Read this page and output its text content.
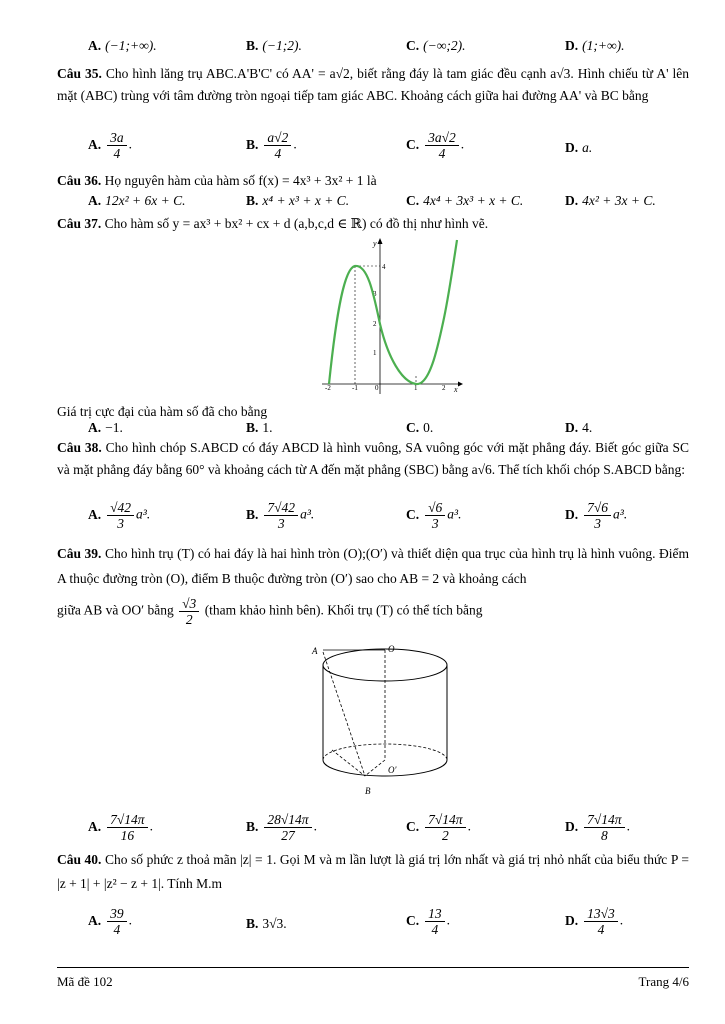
A. (−1;+∞).	B. (−1;2).	C. (−∞;2).	D. (1;+∞).
Câu 35. Cho hình lăng trụ ABC.A'B'C' có AA' = a√2, biết rằng đáy là tam giác đều cạnh a√3. Hình chiếu từ A' lên mặt (ABC) trùng với tâm đường tròn ngoại tiếp tam giác ABC. Khoảng cách giữa hai đường AA' và BC bằng
A. $\frac{3a}{4}$ .	B. $\frac{a√2}{4}$ .	C. $\frac{3a√2}{4}$ .	D. a.
Câu 36. Họ nguyên hàm của hàm số f(x) = 4x³ + 3x² + 1 là
A. 12x² + 6x + C.	B. x⁴ + x³ + x + C.	C. 4x⁴ + 3x³ + x + C.	D. 4x² + 3x + C.
Câu 37. Cho hàm số y = ax³ + bx² + cx + d (a,b,c,d ∈ ℝ) có đồ thị như hình vẽ.
y
x
4
3
2
1
0
-2	-1	1	2
Giá trị cực đại của hàm số đã cho bằng
A. −1.	B. 1.	C. 0.	D. 4.
Câu 38. Cho hình chóp S.ABCD có đáy ABCD là hình vuông, SA vuông góc với mặt phẳng đáy. Biết góc giữa SC và mặt phẳng đáy bằng 60° và khoảng cách từ A đến mặt phẳng (SBC) bằng a√6. Thể tích khối chóp S.ABCD bằng:
A. $\frac{√42}{3} a^3$.	B. $\frac{7√42}{3} a^3$.	C. $\frac{√6}{3} a^3$.	D. $\frac{7√6}{3} a^3$.
Câu 39. Cho hình trụ (T) có hai đáy là hai hình tròn (O);(O′) và thiết diện qua trục của hình trụ là hình vuông. Điểm A thuộc đường tròn (O), điểm B thuộc đường tròn (O′) sao cho AB = 2 và khoảng cách
giữa AB và OO′ bằng $\frac{√3}{2}$ (tham khảo hình bên). Khối trụ (T) có thể tích bằng
A	O
O'
B
A. $\frac{7√14\pi}{16}$ .	B. $\frac{28√14\pi}{27}$ .	C. $\frac{7√14\pi}{2}$ .	D. $\frac{7√14\pi}{8}$ .
Câu 40. Cho số phức z thoả mãn |z| = 1. Gọi M và m lần lượt là giá trị lớn nhất và giá trị nhỏ nhất của biểu thức P = |z + 1| + |z² − z + 1|. Tính M.m
A. $\frac{39}{4}$ .	B. 3√3.	C. $\frac{13}{4}$ .	D. $\frac{13√3}{4}$ .
Mã đề 102	Trang 4/6
